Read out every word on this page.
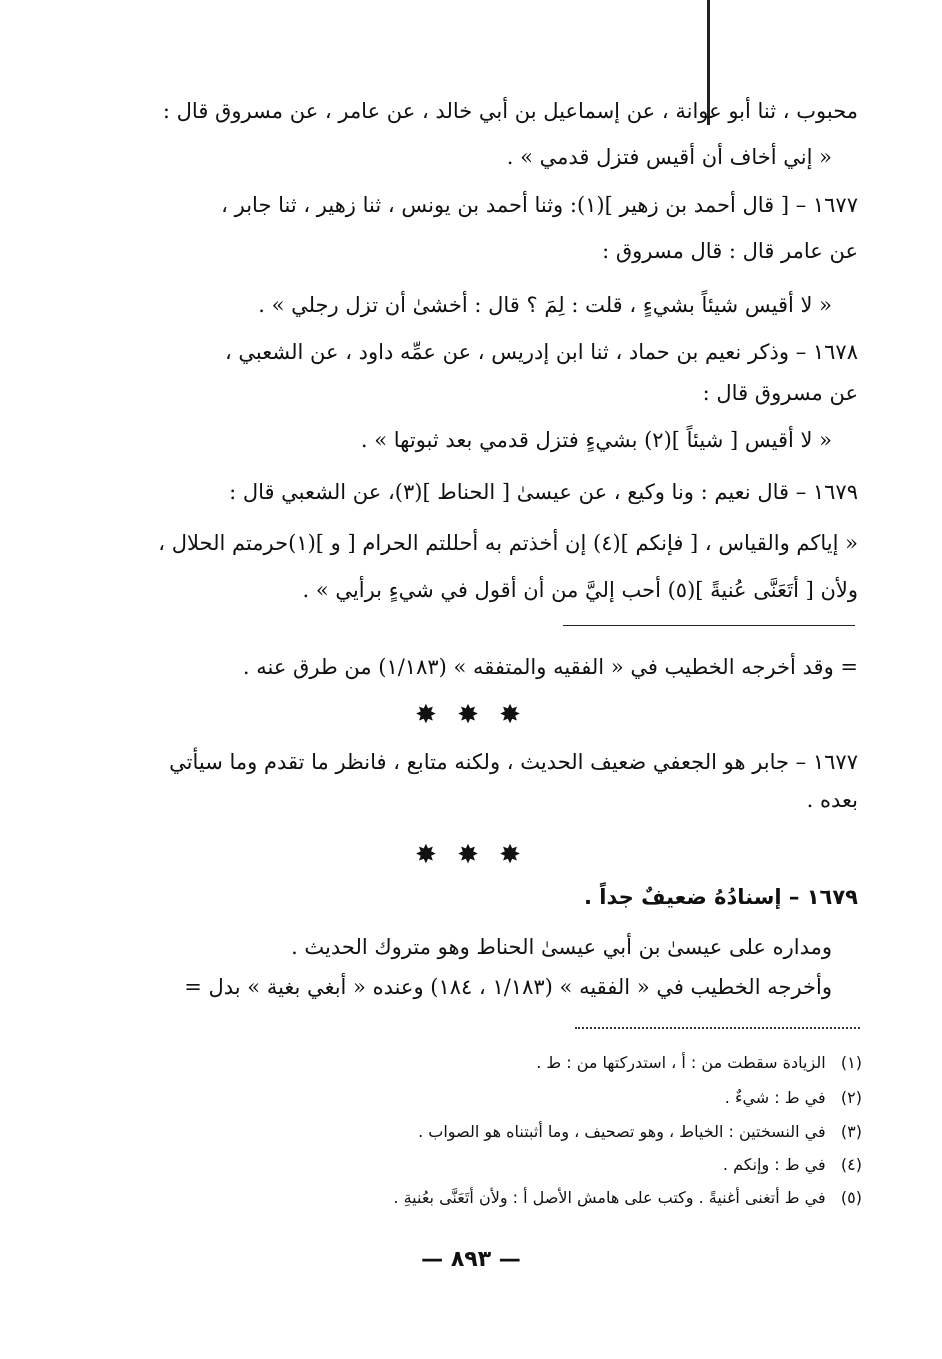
محبوب ، ثنا أبو عوانة ، عن إسماعيل بن أبي خالد ، عن عامر ، عن مسروق قال :
« إني أخاف أن أقيس فتزل قدمي » .
١٦٧٧ – [ قال أحمد بن زهير ](١): وثنا أحمد بن يونس ، ثنا زهير ، ثنا جابر ،
عن عامر قال : قال مسروق :
« لا أقيس شيئاً بشيءٍ ، قلت : لِمَ ؟ قال : أخشىٰ أن تزل رجلي » .
١٦٧٨ – وذكر نعيم بن حماد ، ثنا ابن إدريس ، عن عمِّه داود ، عن الشعبي ،
عن مسروق قال :
« لا أقيس [ شيئاً ](٢) بشيءٍ فتزل قدمي بعد ثبوتها » .
١٦٧٩ – قال نعيم : ونا وكيع ، عن عيسىٰ [ الحناط ](٣)، عن الشعبي قال :
« إياكم والقياس ، [ فإنكم ](٤) إن أخذتم به أحللتم الحرام [ و ](١)حرمتم الحلال ،
ولأن [ أتَعَنَّى عُنيةً ](٥) أحب إليَّ من أن أقول في شيءٍ برأيي » .
= وقد أخرجه الخطيب في « الفقيه والمتفقه » (١/١٨٣) من طرق عنه .
✸ ✸ ✸
١٦٧٧ – جابر هو الجعفي ضعيف الحديث ، ولكنه متابع ، فانظر ما تقدم وما سيأتي
بعده .
✸ ✸ ✸
١٦٧٩ – إسنادُهُ ضعيفٌ جداً .
ومداره على عيسىٰ بن أبي عيسىٰ الحناط وهو متروك الحديث .
وأخرجه الخطيب في « الفقيه » (١/١٨٣ ، ١٨٤) وعنده « أبغي بغية » بدل =
(١)   الزيادة سقطت من : أ ، استدركتها من : ط .
(٢)   في ط : شيءٌ .
(٣)   في النسختين : الخياط ، وهو تصحيف ، وما أثبتناه هو الصواب .
(٤)   في ط : وإنكم .
(٥)   في ط أتغنى أغنيةً . وكتب على هامش الأصل أ : ولأن أتَعَنَّى بعُنيةِ .
— ٨٩٣ —
